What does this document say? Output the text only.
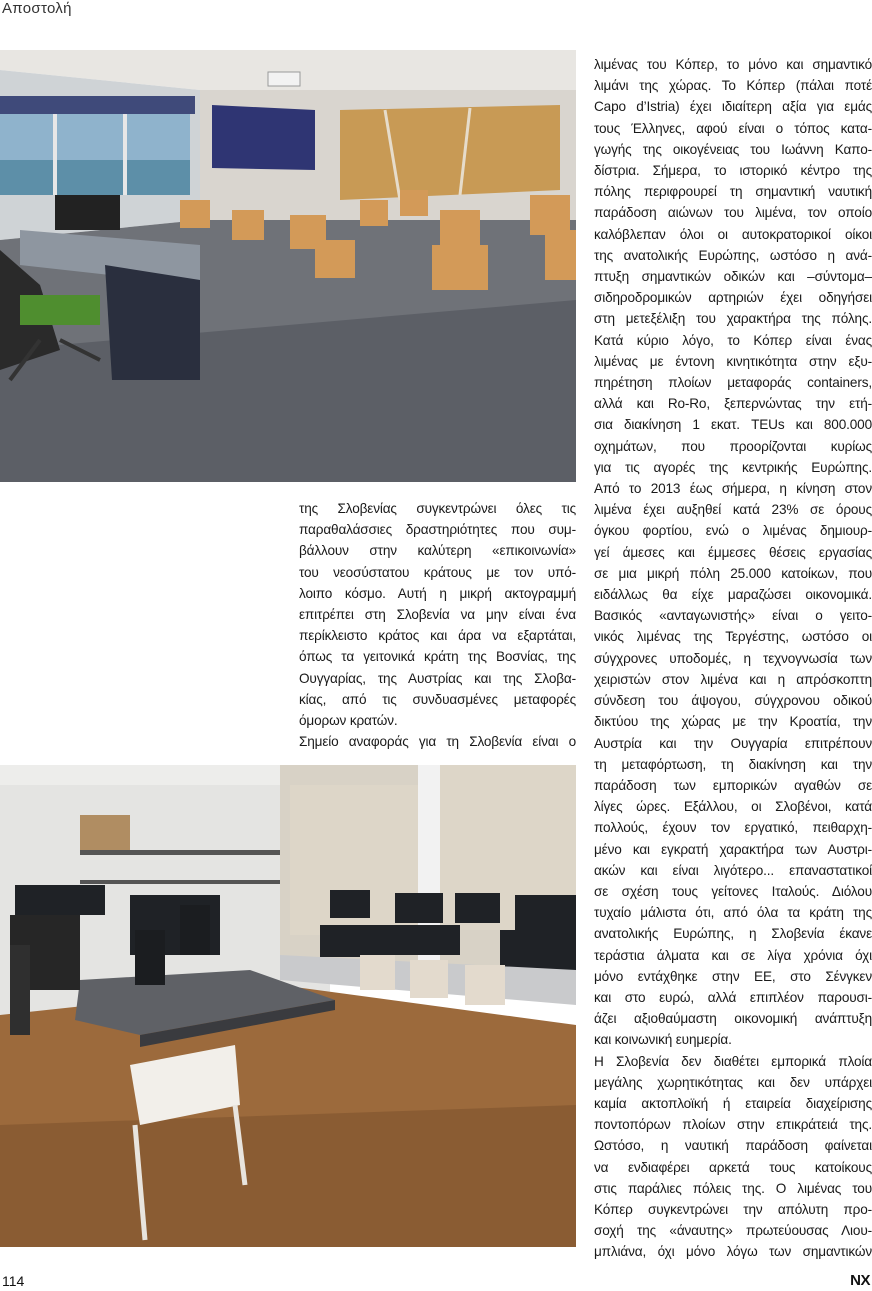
Αποστολή

της Σλοβενίας συγκεντρώνει όλες τις

παραθαλάσσιες δραστηριότητες που συμ-

βάλλουν στην καλύτερη «επικοινωνία»

του νεοσύστατου κράτους με τον υπό-

λοιπο κόσμο. Αυτή η μικρή ακτογραμμή

επιτρέπει στη Σλοβενία να μην είναι ένα

περίκλειστο κράτος και άρα να εξαρτάται,

όπως τα γειτονικά κράτη της Βοσνίας, της

Ουγγαρίας, της Αυστρίας και της Σλοβα-

κίας, από τις συνδυασμένες μεταφορές

όμορων κρατών.

Σημείο αναφοράς για τη Σλοβενία είναι ο

λιμένας του Κόπερ, το μόνο και σημαντικό

λιμάνι της χώρας. Το Κόπερ (πάλαι ποτέ

Capo d’Istria) έχει ιδιαίτερη αξία για εμάς

τους Έλληνες, αφού είναι ο τόπος κατα-

γωγής της οικογένειας του Ιωάννη Καπο-

δίστρια. Σήμερα, το ιστορικό κέντρο της

πόλης περιφρουρεί τη σημαντική ναυτική

παράδοση αιώνων του λιμένα, τον οποίο

καλόβλεπαν όλοι οι αυτοκρατορικοί οίκοι

της ανατολικής Ευρώπης, ωστόσο η ανά-

πτυξη σημαντικών οδικών και –σύντομα–

σιδηροδρομικών αρτηριών έχει οδηγήσει

στη μετεξέλιξη του χαρακτήρα της πόλης.

Κατά κύριο λόγο, το Κόπερ είναι ένας

λιμένας με έντονη κινητικότητα στην εξυ-

πηρέτηση πλοίων μεταφοράς containers,

αλλά και Ro-Ro, ξεπερνώντας την ετή-

σια διακίνηση 1 εκατ. TEUs και 800.000

οχημάτων, που προορίζονται κυρίως

για τις αγορές της κεντρικής Ευρώπης.

Από το 2013 έως σήμερα, η κίνηση στον

λιμένα έχει αυξηθεί κατά 23% σε όρους

όγκου φορτίου, ενώ ο λιμένας δημιουρ-

γεί άμεσες και έμμεσες θέσεις εργασίας

σε μια μικρή πόλη 25.000 κατοίκων, που

ειδάλλως θα είχε μαραζώσει οικονομικά.

Βασικός «ανταγωνιστής» είναι ο γειτο-

νικός λιμένας της Τεργέστης, ωστόσο οι

σύγχρονες υποδομές, η τεχνογνωσία των

χειριστών στον λιμένα και η απρόσκοπτη

σύνδεση του άψογου, σύγχρονου οδικού

δικτύου της χώρας με την Κροατία, την

Αυστρία και την Ουγγαρία επιτρέπουν

τη μεταφόρτωση, τη διακίνηση και την

παράδοση των εμπορικών αγαθών σε

λίγες ώρες. Εξάλλου, οι Σλοβένοι, κατά

πολλούς, έχουν τον εργατικό, πειθαρχη-

μένο και εγκρατή χαρακτήρα των Αυστρι-

ακών και είναι λιγότερο... επαναστατικοί

σε σχέση τους γείτονες Ιταλούς. Διόλου

τυχαίο μάλιστα ότι, από όλα τα κράτη της

ανατολικής Ευρώπης, η Σλοβενία έκανε

τεράστια άλματα και σε λίγα χρόνια όχι

μόνο εντάχθηκε στην ΕΕ, στο Σένγκεν

και στο ευρώ, αλλά επιπλέον παρουσι-

άζει αξιοθαύμαστη οικονομική ανάπτυξη

και κοινωνική ευημερία.

Η Σλοβενία δεν διαθέτει εμπορικά πλοία

μεγάλης χωρητικότητας και δεν υπάρχει

καμία ακτοπλοϊκή ή εταιρεία διαχείρισης

ποντοπόρων πλοίων στην επικράτειά της.

Ωστόσο, η ναυτική παράδοση φαίνεται

να ενδιαφέρει αρκετά τους κατοίκους

στις παράλιες πόλεις της. Ο λιμένας του

Κόπερ συγκεντρώνει την απόλυτη προ-

σοχή της «άναυτης» πρωτεύουσας Λιου-

μπλιάνα, όχι μόνο λόγω των σημαντικών

114	NX
